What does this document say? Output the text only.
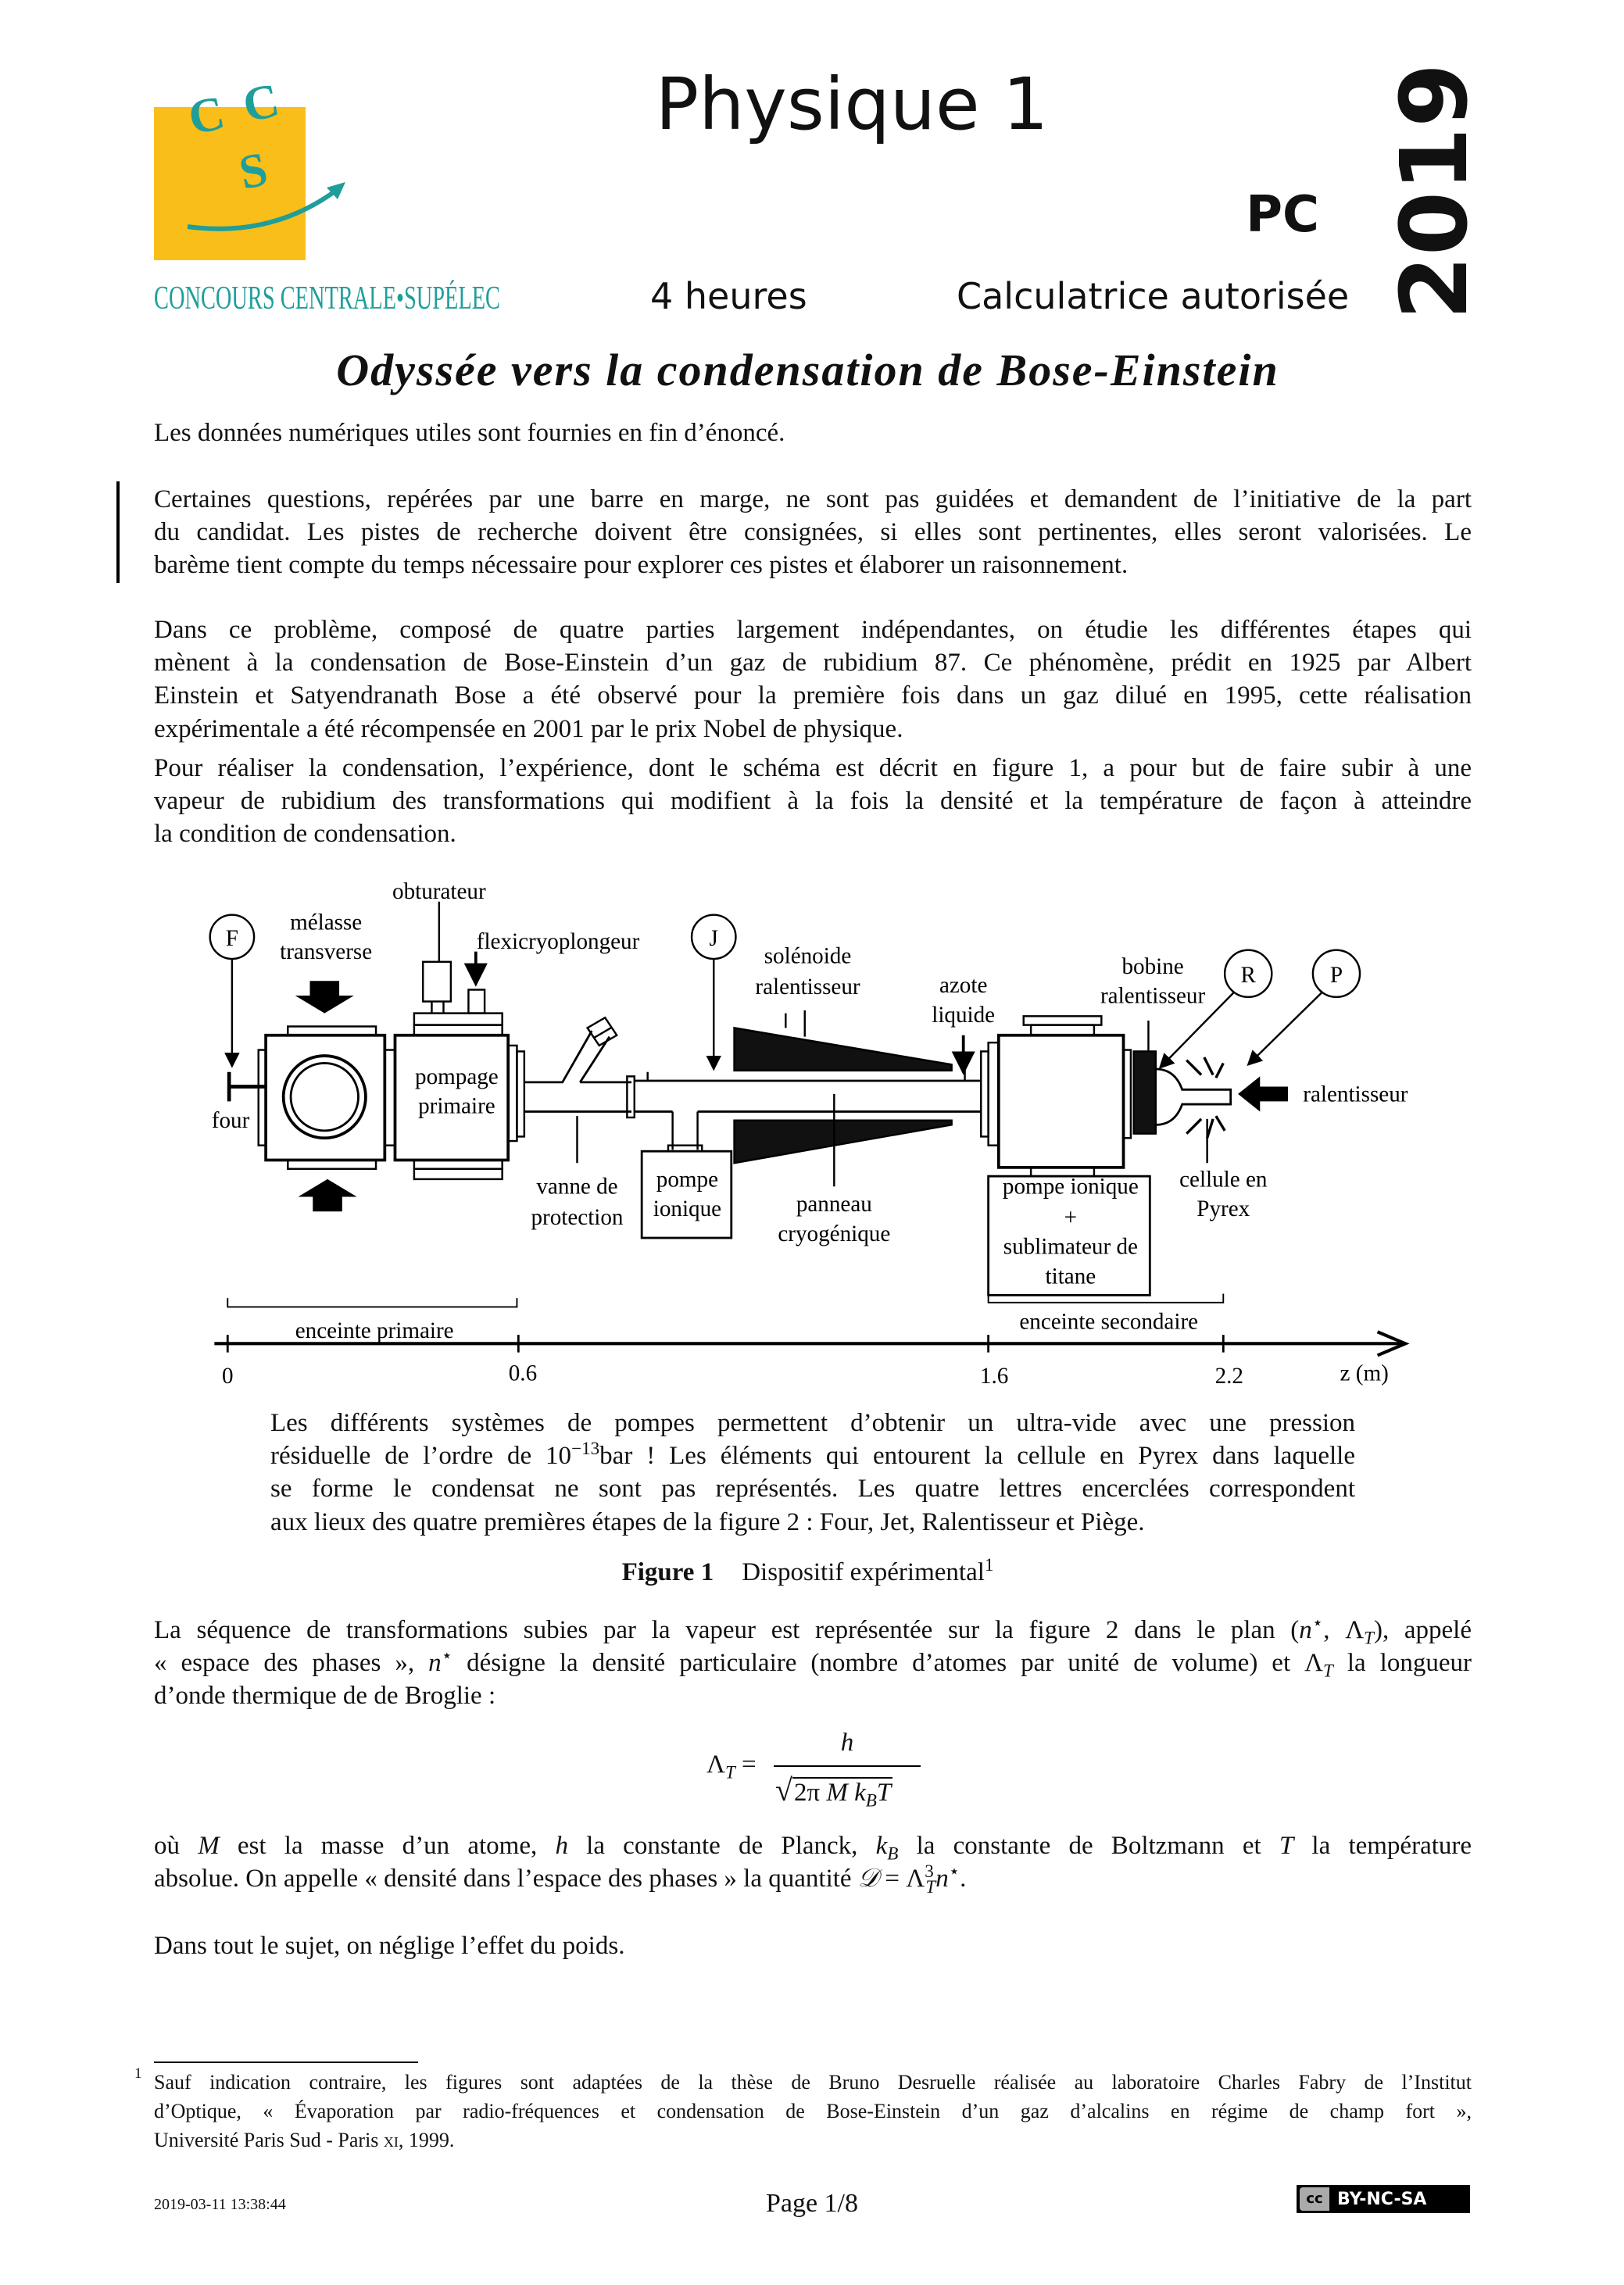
C C
S
CONCOURS CENTRALE•SUPÉLEC
Physique 1
PC 2019
4 heures	Calculatrice autorisée
Odyssée vers la condensation de Bose-Einstein
Les données numériques utiles sont fournies en fin d’énoncé.
Certaines questions, repérées par une barre en marge, ne sont pas guidées et demandent de l’initiative de la part
du candidat. Les pistes de recherche doivent être consignées, si elles sont pertinentes, elles seront valorisées. Le
barème tient compte du temps nécessaire pour explorer ces pistes et élaborer un raisonnement.
Dans ce problème, composé de quatre parties largement indépendantes, on étudie les différentes étapes qui
mènent à la condensation de Bose-Einstein d’un gaz de rubidium 87. Ce phénomène, prédit en 1925 par Albert
Einstein et Satyendranath Bose a été observé pour la première fois dans un gaz dilué en 1995, cette réalisation
expérimentale a été récompensée en 2001 par le prix Nobel de physique.
Pour réaliser la condensation, l’expérience, dont le schéma est décrit en figure 1, a pour but de faire subir à une
vapeur de rubidium des transformations qui modifient à la fois la densité et la température de façon à atteindre
la condition de condensation.
F	J
R	P
four
mélasse
transverse
obturateur
flexicryoplongeur
pompage
primaire
vanne de
protection
pompe
ionique
solénoide
ralentisseur
panneau
cryogénique
azote
liquide
pompe ionique
+
sublimateur de
titane
bobine
ralentisseur
ralentisseur
cellule en
Pyrex
enceinte primaire	enceinte secondaire
0	0.6	1.6	2.2	z (m)
Les différents systèmes de pompes permettent d’obtenir un ultra-vide avec une pression
résiduelle de l’ordre de $10^{-13}bar$ ! Les éléments qui entourent la cellule en Pyrex dans laquelle
se forme le condensat ne sont pas représentés. Les quatre lettres encerclées correspondent
aux lieux des quatre premières étapes de la figure 2 : Four, Jet, Ralentisseur et Piège.
Figure 1 Dispositif expérimental$^1$
La séquence de transformations subies par la vapeur est représentée sur la figure 2 dans le plan (n⋆, $\Lambda_T$), appelé
« espace des phases », n⋆ désigne la densité particulaire (nombre d’atomes par unité de volume) et $\Lambda_T$ la longueur
d’onde thermique de de Broglie :
$\Lambda_T$ =
h
√2π M $k_BT$
où M est la masse d’un atome, h la constante de Planck, $k_B$ la constante de Boltzmann et T la température
absolue. On appelle « densité dans l’espace des phases » la quantité 𝒟 = $\Lambda^3_Tn^⋆$.
Dans tout le sujet, on néglige l’effet du poids.
1 Sauf indication contraire, les figures sont adaptées de la thèse de Bruno Desruelle réalisée au laboratoire Charles Fabry de l’Institut
d’Optique, « Évaporation par radio-fréquences et condensation de Bose-Einstein d’un gaz d’alcalins en régime de champ fort »,
Université Paris Sud - Paris xi, 1999.
2019-03-11 13:38:44	Page 1/8	cc BY-NC-SA
